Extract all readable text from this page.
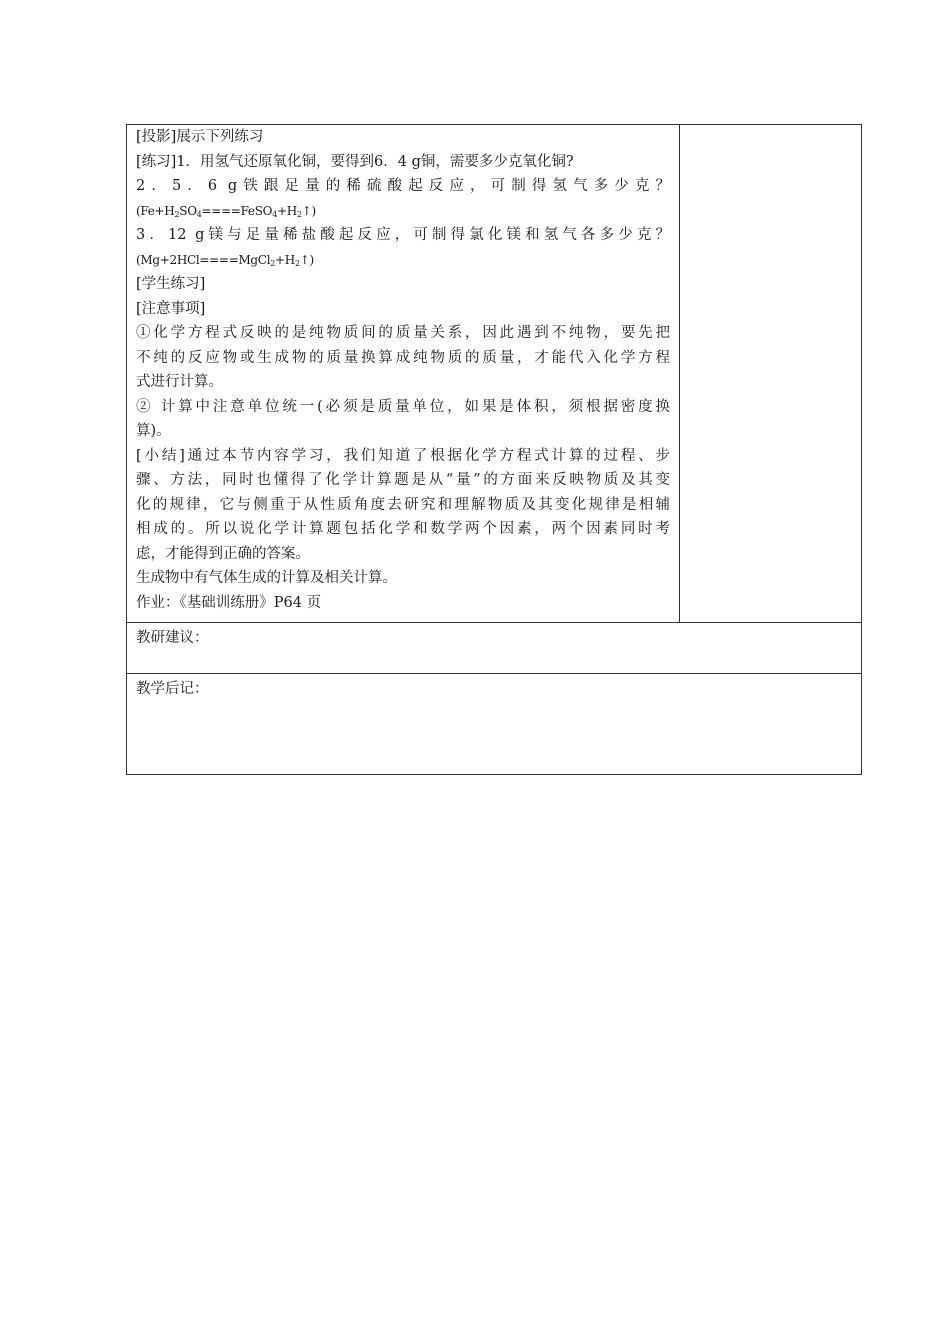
[投影]展示下列练习
[练习]1．用氢气还原氧化铜，要得到6．4 g铜，需要多少克氧化铜?
2．5．6 g铁跟足量的稀硫酸起反应，可制得氢气多少克？
$(Fe+H_2SO_4====FeSO_4+H_2↑)$
3．12 g镁与足量稀盐酸起反应，可制得氯化镁和氢气各多少克？
$(Mg+2HCl====MgCl_2+H_2↑)$
[学生练习]
[注意事项]
①化学方程式反映的是纯物质间的质量关系，因此遇到不纯物，要先把
不纯的反应物或生成物的质量换算成纯物质的质量，才能代入化学方程
式进行计算。
② 计算中注意单位统一(必须是质量单位，如果是体积，须根据密度换
算)。
[小结]通过本节内容学习，我们知道了根据化学方程式计算的过程、步
骤、方法，同时也懂得了化学计算题是从“量”的方面来反映物质及其变
化的规律，它与侧重于从性质角度去研究和理解物质及其变化规律是相辅
相成的。所以说化学计算题包括化学和数学两个因素，两个因素同时考
虑，才能得到正确的答案。
生成物中有气体生成的计算及相关计算。
作业：《基础训练册》P64 页
教研建议：
教学后记：
